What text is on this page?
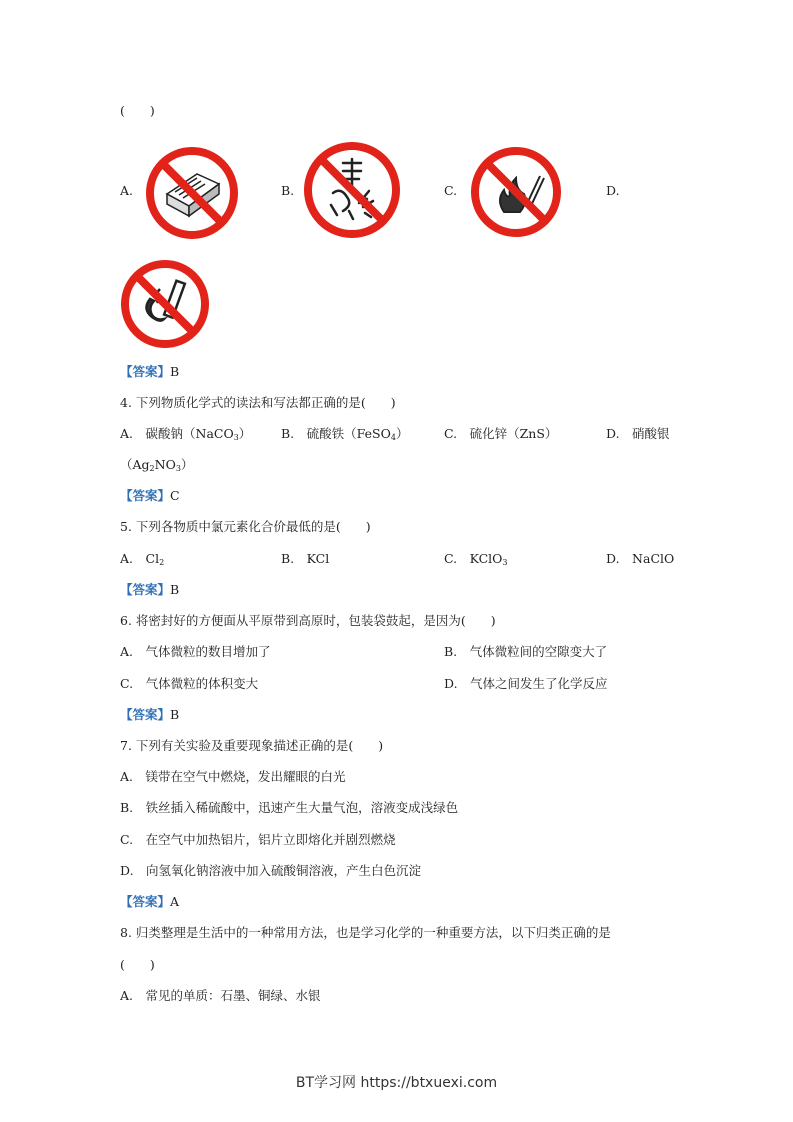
(　　)
A.	B.	C.	D.
【答案】B
4. 下列物质化学式的读法和写法都正确的是(　　)
A.　碳酸钠（NaCO$_3$） B.　硫酸铁（FeSO$_4$）	C.　硫化锌（ZnS）	D.　硝酸银
$(Ag_2NO_3)$
【答案】C
5. 下列各物质中氯元素化合价最低的是(　　)
A.　$Cl_2$	B.　KCl	C.　KClO$_3$	D.　NaClO
【答案】B
6. 将密封好的方便面从平原带到高原时，包装袋鼓起，是因为(　　)
A.　气体微粒的数目增加了	B.　气体微粒间的空隙变大了
C.　气体微粒的体积变大	D.　气体之间发生了化学反应
【答案】B
7. 下列有关实验及重要现象描述正确的是(　　)
A.　镁带在空气中燃烧，发出耀眼的白光
B.　铁丝插入稀硫酸中，迅速产生大量气泡，溶液变成浅绿色
C.　在空气中加热铝片，铝片立即熔化并剧烈燃烧
D.　向氢氧化钠溶液中加入硫酸铜溶液，产生白色沉淀
【答案】A
8. 归类整理是生活中的一种常用方法，也是学习化学的一种重要方法，以下归类正确的是
(　　)
A.　常见的单质：石墨、铜绿、水银
BT学习网 https://btxuexi.com
